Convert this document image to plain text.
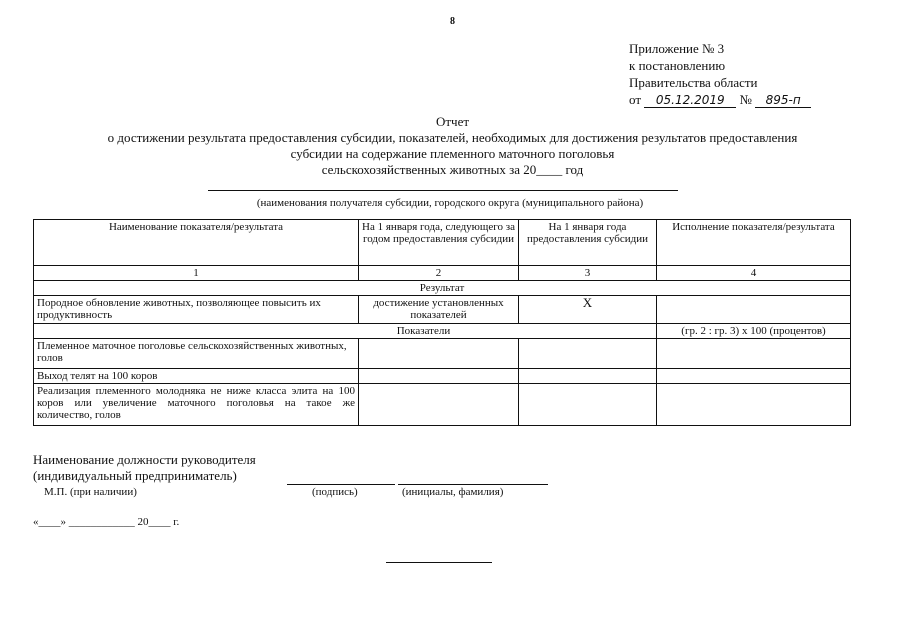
8
Приложение № 3
к постановлению
Правительства области
от 05.12.2019 № 895-п
Отчет
о достижении результата предоставления субсидии, показателей, необходимых для достижения результатов предоставления
субсидии на содержание племенного маточного поголовья
сельскохозяйственных животных за 20____ год
(наименования получателя субсидии, городского округа (муниципального района)
Наименование показателя/результата	На 1 января года, следующего за годом предоставления субсидии	На 1 января года предоставления субсидии	Исполнение показателя/результата
1	2	3	4
Результат			
Породное обновление животных, позволяющее повысить их продуктивность	достижение установленных показателей	Х	
Показатели			(гр. 2 : гр. 3) х 100 (процентов)
Племенное маточное поголовье сельскохозяйственных животных, голов			
Выход телят на 100 коров			
Реализация племенного молодняка не ниже класса элита на 100 коров или увеличение маточного поголовья на такое же количество, голов			
Наименование должности руководителя
(индивидуальный предприниматель)
М.П. (при наличии)	(подпись)	(инициалы, фамилия)
«____» ____________ 20____ г.
